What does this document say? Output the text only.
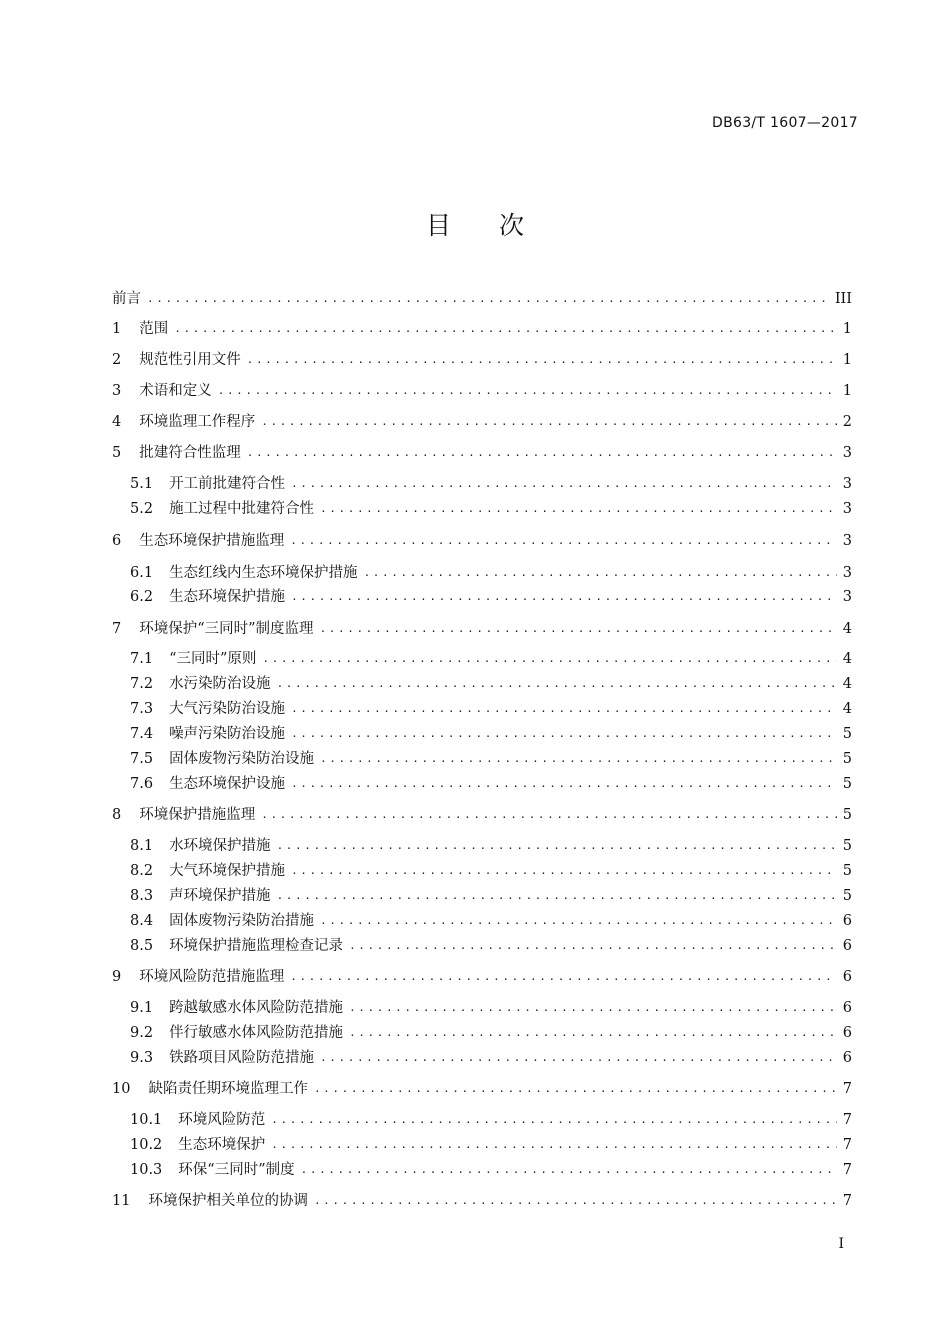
DB63/T 1607—2017
目次
前言 .....	III
1 范围 .....	1
2 规范性引用文件 .....	1
3 术语和定义 .....	1
4 环境监理工作程序 .....	2
5 批建符合性监理 .....	3
5.1 开工前批建符合性 .....	3
5.2 施工过程中批建符合性 .....	3
6 生态环境保护措施监理 .....	3
6.1 生态红线内生态环境保护措施 .....	3
6.2 生态环境保护措施 .....	3
7 环境保护“三同时”制度监理 .....	4
7.1 “三同时”原则 .....	4
7.2 水污染防治设施 .....	4
7.3 大气污染防治设施 .....	4
7.4 噪声污染防治设施 .....	5
7.5 固体废物污染防治设施 .....	5
7.6 生态环境保护设施 .....	5
8 环境保护措施监理 .....	5
8.1 水环境保护措施 .....	5
8.2 大气环境保护措施 .....	5
8.3 声环境保护措施 .....	5
8.4 固体废物污染防治措施 .....	6
8.5 环境保护措施监理检查记录 .....	6
9 环境风险防范措施监理 .....	6
9.1 跨越敏感水体风险防范措施 .....	6
9.2 伴行敏感水体风险防范措施 .....	6
9.3 铁路项目风险防范措施 .....	6
10 缺陷责任期环境监理工作 .....	7
10.1 环境风险防范 .....	7
10.2 生态环境保护 .....	7
10.3 环保“三同时”制度 .....	7
11 环境保护相关单位的协调 .....	7
I
